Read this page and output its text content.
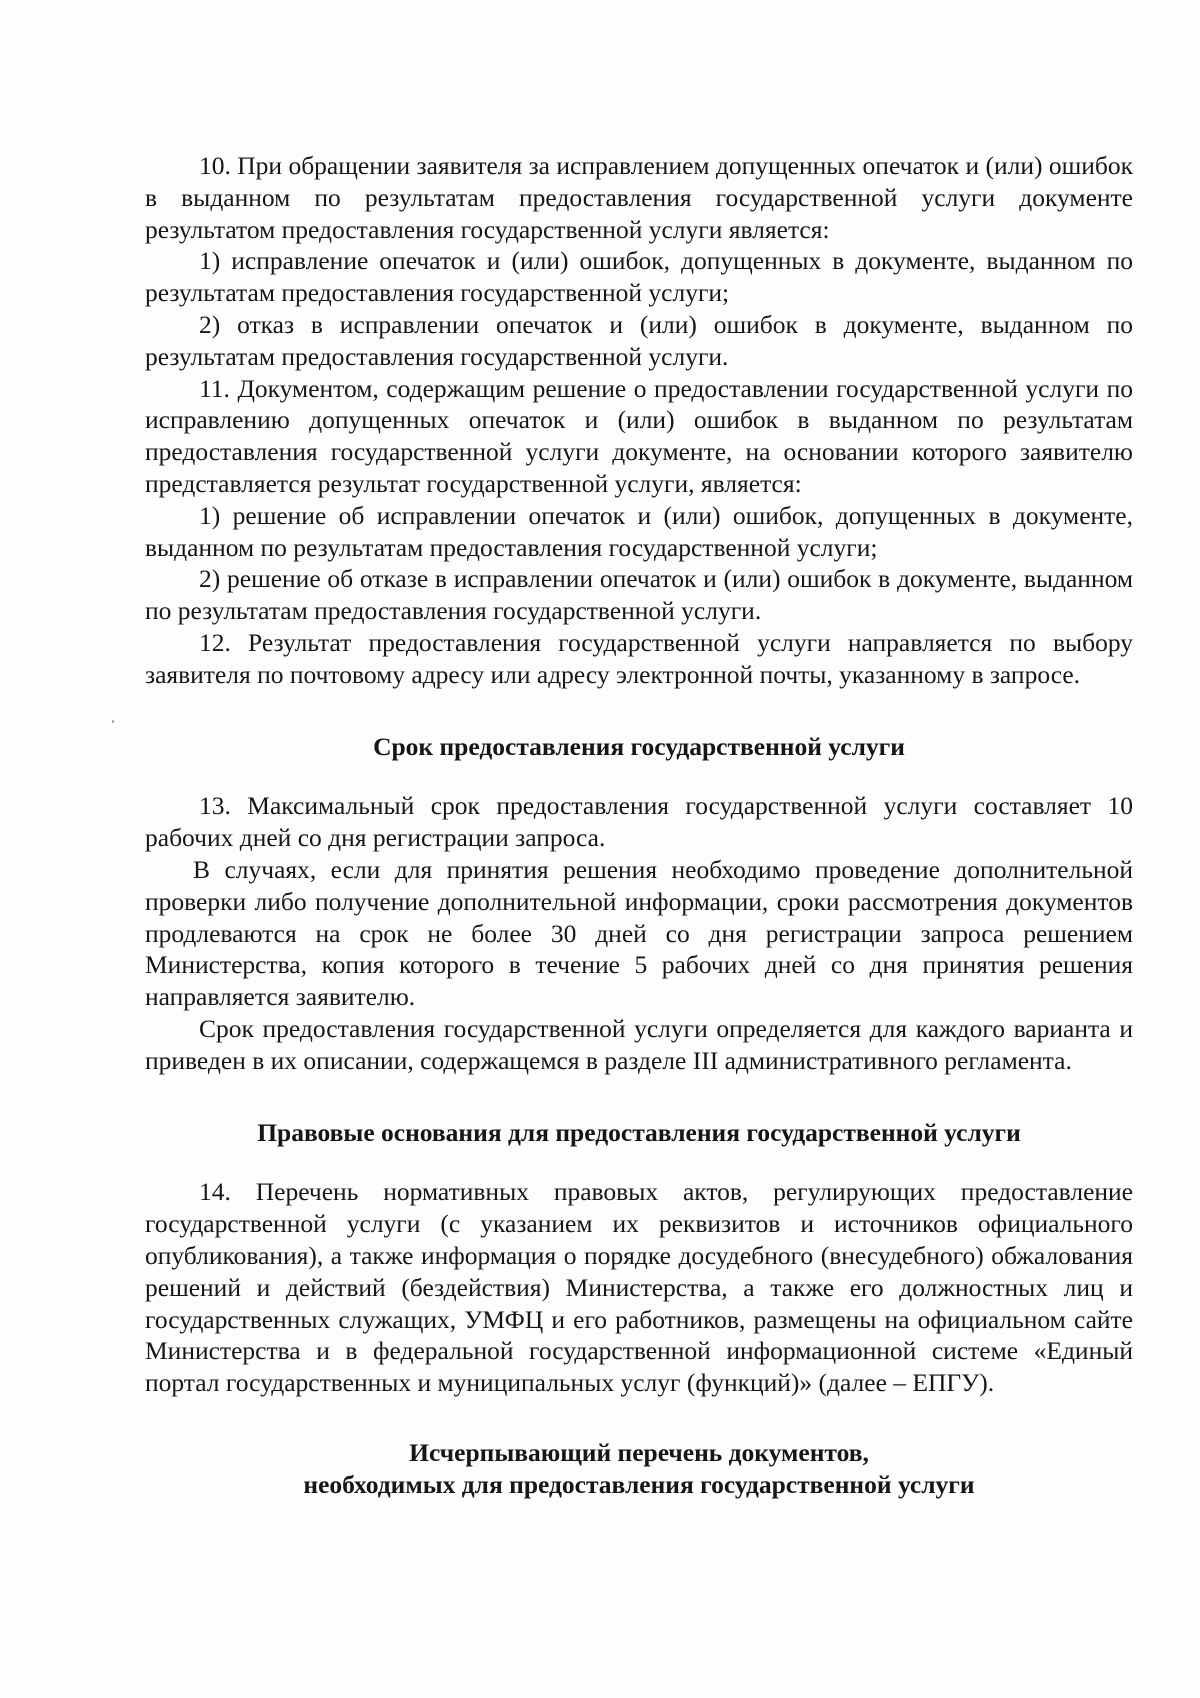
10. При обращении заявителя за исправлением допущенных опечаток и (или) ошибок в выданном по результатам предоставления государственной услуги документе результатом предоставления государственной услуги является:

1) исправление опечаток и (или) ошибок, допущенных в документе, выданном по результатам предоставления государственной услуги;

2) отказ в исправлении опечаток и (или) ошибок в документе, выданном по результатам предоставления государственной услуги.

11. Документом, содержащим решение о предоставлении государственной услуги по исправлению допущенных опечаток и (или) ошибок в выданном по результатам предоставления государственной услуги документе, на основании которого заявителю представляется результат государственной услуги, является:

1) решение об исправлении опечаток и (или) ошибок, допущенных в документе, выданном по результатам предоставления государственной услуги;

2) решение об отказе в исправлении опечаток и (или) ошибок в документе, выданном по результатам предоставления государственной услуги.

12. Результат предоставления государственной услуги направляется по выбору заявителя по почтовому адресу или адресу электронной почты, указанному в запросе.

Срок предоставления государственной услуги

13. Максимальный срок предоставления государственной услуги составляет 10 рабочих дней со дня регистрации запроса.

В случаях, если для принятия решения необходимо проведение дополнительной проверки либо получение дополнительной информации, сроки рассмотрения документов продлеваются на срок не более 30 дней со дня регистрации запроса решением Министерства, копия которого в течение 5 рабочих дней со дня принятия решения направляется заявителю.

Срок предоставления государственной услуги определяется для каждого варианта и приведен в их описании, содержащемся в разделе III административного регламента.

Правовые основания для предоставления государственной услуги

14. Перечень нормативных правовых актов, регулирующих предоставление государственной услуги (с указанием их реквизитов и источников официального опубликования), а также информация о порядке досудебного (внесудебного) обжалования решений и действий (бездействия) Министерства, а также его должностных лиц и государственных служащих, УМФЦ и его работников, размещены на официальном сайте Министерства и в федеральной государственной информационной системе «Единый портал государственных и муниципальных услуг (функций)» (далее – ЕПГУ).

Исчерпывающий перечень документов,
необходимых для предоставления государственной услуги
